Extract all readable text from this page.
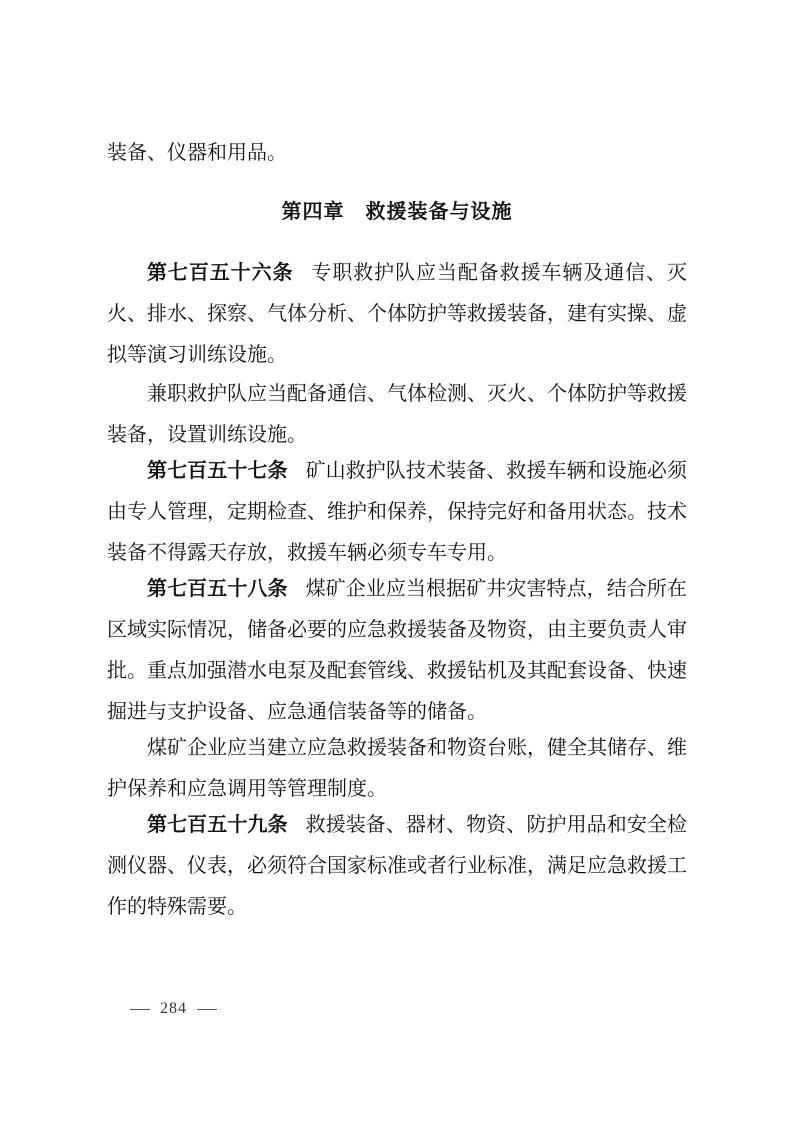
装备、仪器和用品。
第四章　救援装备与设施
第七百五十六条 专职救护队应当配备救援车辆及通信、灭火、排水、探察、气体分析、个体防护等救援装备，建有实操、虚拟等演习训练设施。
兼职救护队应当配备通信、气体检测、灭火、个体防护等救援装备，设置训练设施。
第七百五十七条 矿山救护队技术装备、救援车辆和设施必须由专人管理，定期检查、维护和保养，保持完好和备用状态。技术装备不得露天存放，救援车辆必须专车专用。
第七百五十八条 煤矿企业应当根据矿井灾害特点，结合所在区域实际情况，储备必要的应急救援装备及物资，由主要负责人审批。重点加强潜水电泵及配套管线、救援钻机及其配套设备、快速掘进与支护设备、应急通信装备等的储备。
煤矿企业应当建立应急救援装备和物资台账，健全其储存、维护保养和应急调用等管理制度。
第七百五十九条 救援装备、器材、物资、防护用品和安全检测仪器、仪表，必须符合国家标准或者行业标准，满足应急救援工作的特殊需要。
284
